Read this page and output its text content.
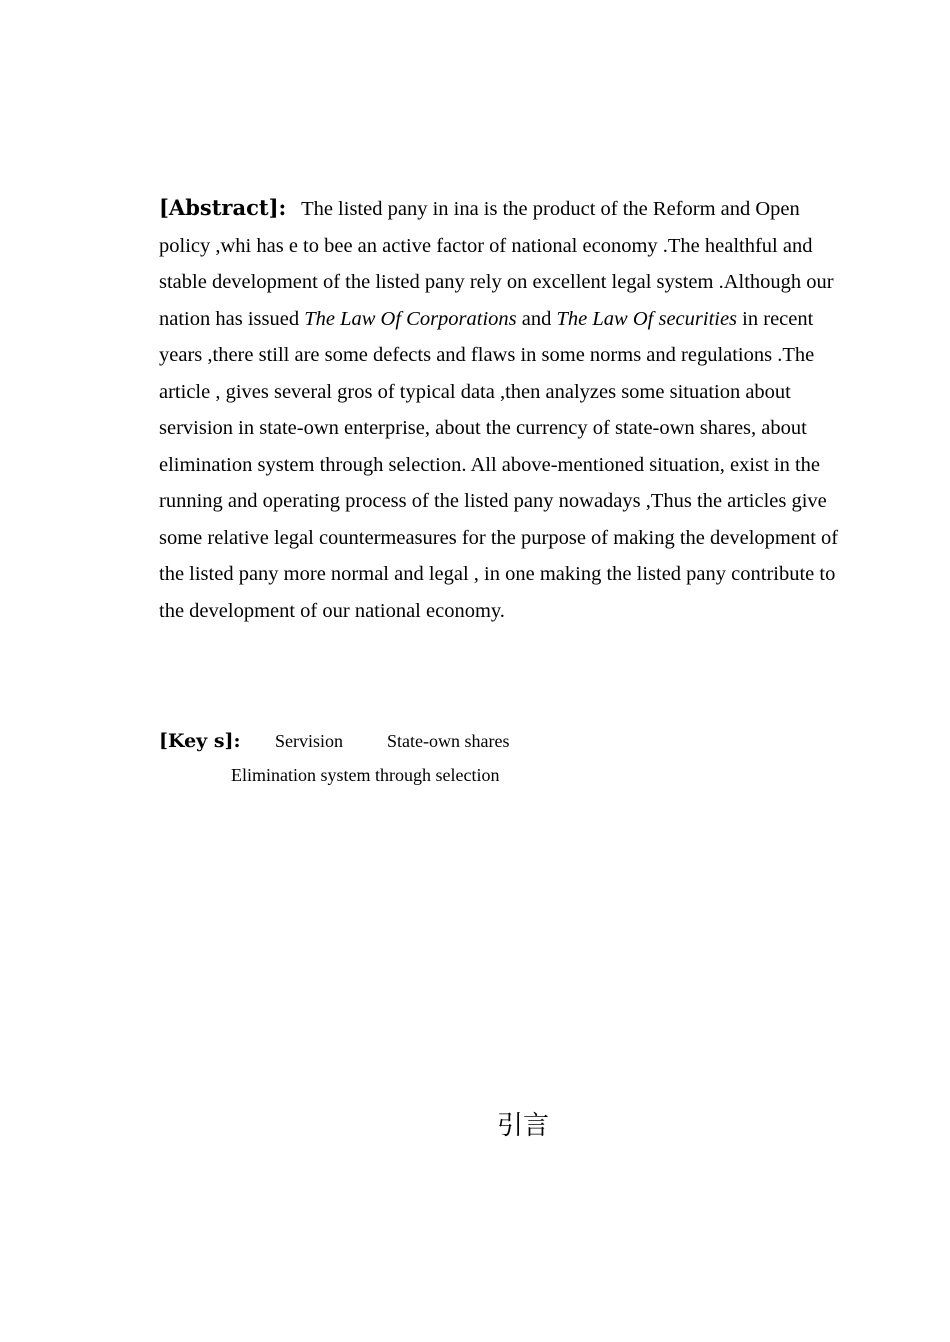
[Abstract]: The listed pany in ina is the product of the Reform and Open policy ,whi has e to bee an active factor of national economy .The healthful and stable development of the listed pany rely on excellent legal system .Although our nation has issued The Law Of Corporations and The Law Of securities in recent years ,there still are some defects and flaws in some norms and regulations .The article , gives several gros of typical data ,then analyzes some situation about servision in state-own enterprise, about the currency of state-own shares, about elimination system through selection. All above-mentioned situation, exist in the running and operating process of the listed pany nowadays ,Thus the articles give some relative legal countermeasures for the purpose of making the development of the listed pany more normal and legal , in one making the listed pany contribute to the development of our national economy.

[Key s]: Servision State-own shares
Elimination system through selection
引言
